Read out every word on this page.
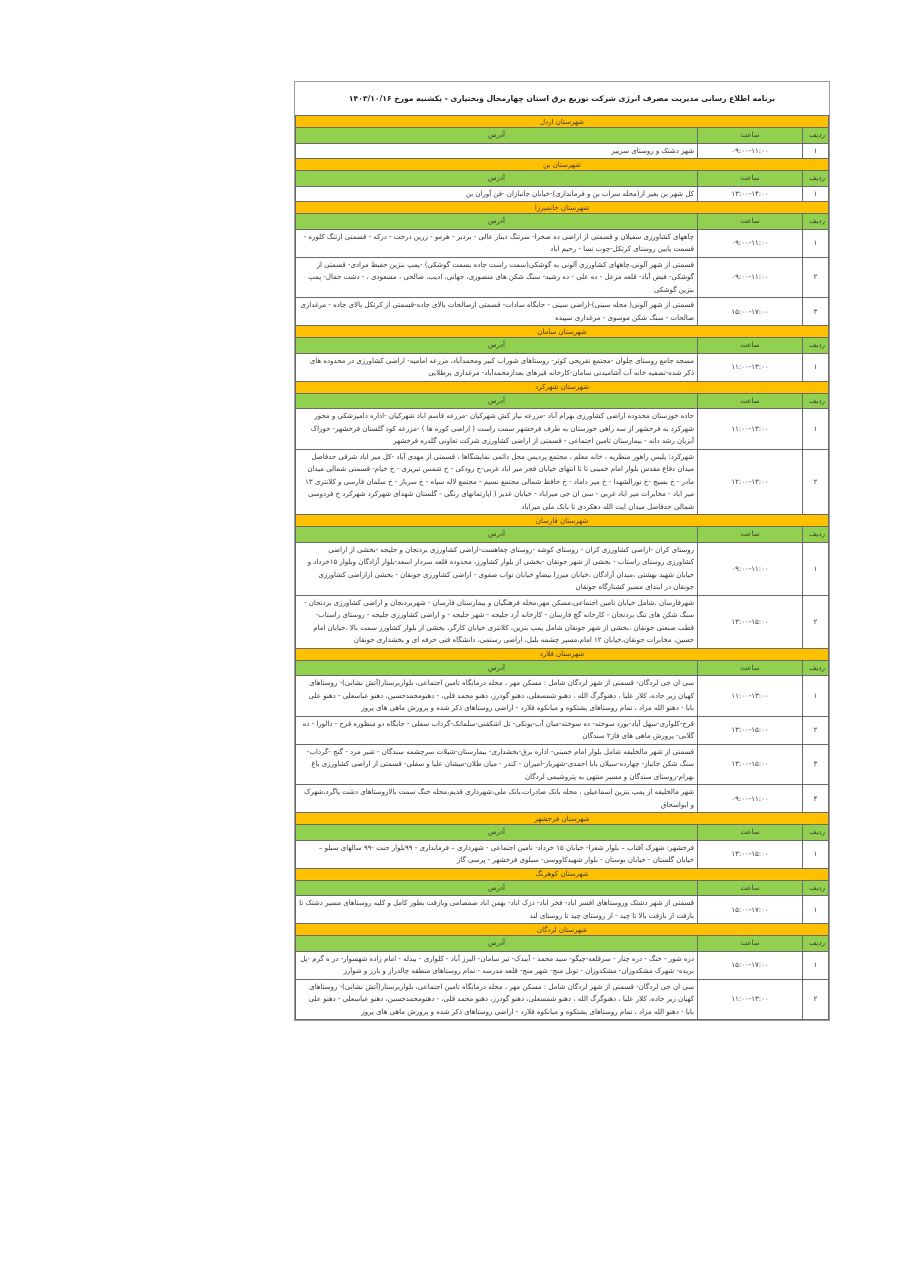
برنامه اطلاع رسانی مدیریت مصرف انرژی شرکت توزیع برق استان چهارمحال وبختیاری - یکشنبه مورخ ۱۴۰۳/۱۰/۱۶		
شهرستان اردل		
ردیف	ساعت	آدرس
۱	۰۹:۰۰-۱۱:۰۰	شهر دشتک و روستای سرپیر
شهرستان بن		
ردیف	ساعت	آدرس
۱	۱۳:۰۰-۱۴:۰۰	کل شهر بن بغیر از(محله سراب بن و فرمانداری)-خیابان جانبازان -فن آوران بن
شهرستان خانمیرزا		
ردیف	ساعت	آدرس
۱	۰۹:۰۰-۱۱:۰۰	چاههای کشاورزی سفیلان و قسمتی از اراضی ده صحرا- سرتنگ دینار عالی - بردبر - هرمو - زرین درخت - درکه - قسمتی ازتنگ کلوره - قسمت پایین روستای کرتکل-چوب نسا - رحیم اباد
۲	۰۹:۰۰-۱۱:۰۰	قسمتی از شهر آلونی،چاههای کشاورزی آلونی به گوشکی(سمت راست جاده بسمت گوشکی) -پمپ بنزین حفیظ مرادی- قسمتی از گوشکی- فیض آباد- قلعه مزعل - ده علی - ده رشید- سنگ شکن های منصوری، جهانی، ادیب، صالحی ، مسعودی ، - دشت جمال- پمپ بنزین گوشکی
۳	۱۵:۰۰-۱۷:۰۰	قسمتی از شهر آلونی( محله سینی)-اراضی سینی - جایگاه سادات- قسمتی ازصالحات بالای جاده-قسمتی از کرتکل بالای جاده - مرغداری صالحات - سنگ شکن موسوی - مرغداری سپیده
شهرستان سامان		
ردیف	ساعت	آدرس
۱	۱۱:۰۰-۱۳:۰۰	مسجد جامع روستای چلوان -مجتمع تفریحی کوثر- روستاهای شوراب کبیر ومحمدآباد، مزرعه امامیه- اراضی کشاورزی در محدوده های ذکر شده-تصفیه خانه آب آشامیدنی سامان-کارخانه قیرهای بعدازمحمدآباد- مرغداری پرطلایی
شهرستان شهرکرد		
ردیف	ساعت	آدرس
۱	۱۱:۰۰-۱۳:۰۰	جاده خوزستان محدوده اراضی کشاورزی بهرام آباد -مزرعه نیاز کش شهرکیان -مزرعه قاسم اباد شهرکیان -اداره دامپزشکی و محور شهرکرد به فرخشهر از سه راهی خوزستان به طرف فرخشهر سمت راست ( اراضی کوره ها ) -مزرعه کود گلستان فرخشهر- خوراک آبزیان رشد دانه - بیمارستان تامین اجتماعی - قسمتی از اراضی کشاورزی شرکت تعاونی گلدره فرخشهر
۲	۱۲:۰۰-۱۳:۰۰	شهرکرد: پلیس راهور منظریه ، خانه معلم ، مجتمع پردیس محل دائمی نمایشگاها ، قسمتی از مهدی آباد -کل میر اباد شرقی حدفاصل میدان دفاع مقدس بلوار امام خمینی تا تا انتهای خیابان فجر میر اباد غربی-خ رودکی - خ شمس تبریزی - خ خیام- قسمتی شمالی میدان مادر - خ بسیج -خ نورالشهدا - خ میر داماد - خ حافظ شمالی مجتمع نسیم - مجتمع لاله سپاه - خ سرباز - خ سلمان فارسی و کلانتری ۱۳ میر اباد - مخابرات میر اباد غربی - سی ان جی میراباد - خیابان غدیر ( اپارتمانهای رنگی - گلستان شهدای شهرکرد شهرکرد خ فردوسی شمالی حدفاصل میدان ایت الله دهکردی تا بانک ملی میراباد
شهرستان فارسان		
ردیف	ساعت	آدرس
۱	۰۹:۰۰-۱۱:۰۰	روستای کران -اراضی کشاورزی کران - روستای کوشه -روستای چغاهست-اراضی کشاورزی بردنجان و جلیجه -بخشی از اراضی کشاورزی روستای راستاب - بخشی از شهر جونقان -بخشی از بلوار کشاورز، محدوده قلعه سردار اسعد-بلوار آزادگان وبلوار ۱۵خرداد و خیابان شهید بهشتی ،میدان آزادگان ،خیابان میرزا بیضاو خیابان نواب صفوی - اراضی کشاورزی جونقان - بخشی ازاراضی کشاورزی جونقان در ابتدای مسیر کشتارگاه جونقان
۲	۱۳:۰۰-۱۵:۰۰	شهرفارسان ،شامل خیابان تامین اجتماعی،مسکن مهر،محله فرهنگیان و بیمارستان فارسان - شهربردنجان و اراضی کشاورزی بردنجان - سنگ شکن های تنگ بردنجان - کارخانه گچ فارسان - کارخانه آرد جلیجه - شهر جلیجه - و اراضی کشاورزی جلیجه - روستای راستاب- قطب صنعتی جونقان ،بخشی از شهر جونقان شامل پمپ بنزین، کلانتری خیابان کارگر، بخشی از بلوار کشاورز سمت بالا ،خیابان امام حسین، مخابرات جونقان،خیابان ۱۲ امام،مسیر چشمه بلبل، اراضی رستمی، دانشگاه فنی حرفه ای و بخشداری جونقان
شهرستان فلارد		
ردیف	ساعت	آدرس
۱	۱۱:۰۰-۱۳:۰۰	سی ان جی لردگان- قسمتی از شهر لردگان شامل : مسکن مهر ، محله درمانگاه تامین اجتماعی، بلواربرستار(آتش نشانی)- روستاهای کهیان زیر جاده، کلار علیا ، دهنوگرگ الله ، دهنو شمسعلی، دهنو گودرز، دهنو محمد قلی، - دهنومحمدحسین، دهنو عباسعلی - دهنو علی بابا - دهنو الله مراد ، تمام روستاهای پشتکوه و میانکوه فلارد - اراضی روستاهای ذکر شده و پرورش ماهی های پروز
۲	۱۳:۰۰-۱۵:۰۰	قرح-کلواری-سهل آباد-بورد سوخته- ده سوخته-میان آب-بونکی- تل اشکفتی-سلمانک-گرداب سفلی - جایگاه دو منظوره قرح - دالورا - ده گلابی- پرورش ماهی های فاز۲ سندگان
۳	۱۳:۰۰-۱۵:۰۰	قسمتی از شهر مالخلیفه شامل بلوار امام خمینی- اداره برق-بخشداری- بیمارستان-شیلات سرچشمه سندگان - شیر مرد - گنج -گرداب-سنگ شکن جانباز- چهارده-سیلان بابا احمدی-شهریار-امیران - کندر - میان طلان-میشان علیا و سفلی- قسمتی از اراضی کشاورزی باغ بهرام-روستای سندگان و مسیر منتهی به پتروشیمی لردگان
۴	۰۹:۰۰-۱۱:۰۰	شهر مالخلیفه از پمپ بنزین اسماعیلی ، محله بانک صادرات،بانک ملی،شهرداری قدیم،محله خنگ سمت بالاروستاهای دشت پاگرد،شهرک و ابواسحاق
شهرستان فرخشهر		
ردیف	ساعت	آدرس
۱	۱۳:۰۰-۱۵:۰۰	فرخشهر: شهرک آفتاب – بلوار شعرا- خیابان ۱۵ خرداد- تامین اجتماعی - شهرداری – فرمانداری - ۹۹بلوار جنت -۹۹ سالهای سبلو – خیابان گلستان - خیابان بوستان - بلوار شهیدکاووسی- سبلوی فرخشهر - پرسی گاز
شهرستان کوهرنگ		
ردیف	ساعت	آدرس
۱	۱۵:۰۰-۱۷:۰۰	قسمتی از شهر دشتک وروستاهای افسر اباد- فخر اباد- دزک اباد- بهمن اباد صمصامی وبازفت بطور کامل و کلیه روستاهای مسیر دشتک تا بازفت از بازفت بالا تا چید - از روستای چید تا روستای لبد
شهرستان لردگان		
ردیف	ساعت	آدرس
۱	۱۵:۰۰-۱۷:۰۰	دره شور - خنگ - دره چنار - سرقلعه-چیگو- سید محمد - آبیدک- تیر سامان- البرز آباد - کلواری - بیدله - امام زاده شهسوار- در ه گرم -پل بریده- شهرک مشکدوزان- مشکدوزان - تونل منج- شهر منج- قلعه مدرسه - تمام روستاهای منطقه چالدراز و بارز و شوارز
۲	۱۱:۰۰-۱۳:۰۰	سی ان جی لردگان- قسمتی از شهر لردگان شامل : مسکن مهر ، محله درمانگاه تامین اجتماعی، بلواربرستار(آتش نشانی)- روستاهای کهیان زیر جاده، کلار علیا ، دهنوگرگ الله ، دهنو شمسعلی، دهنو گودرز، دهنو محمد قلی، - دهنومحمدحسین، دهنو عباسعلی - دهنو علی بابا - دهنو الله مراد ، تمام روستاهای پشتکوه و میانکوه فلارد - اراضی روستاهای ذکر شده و پرورش ماهی های پروز
